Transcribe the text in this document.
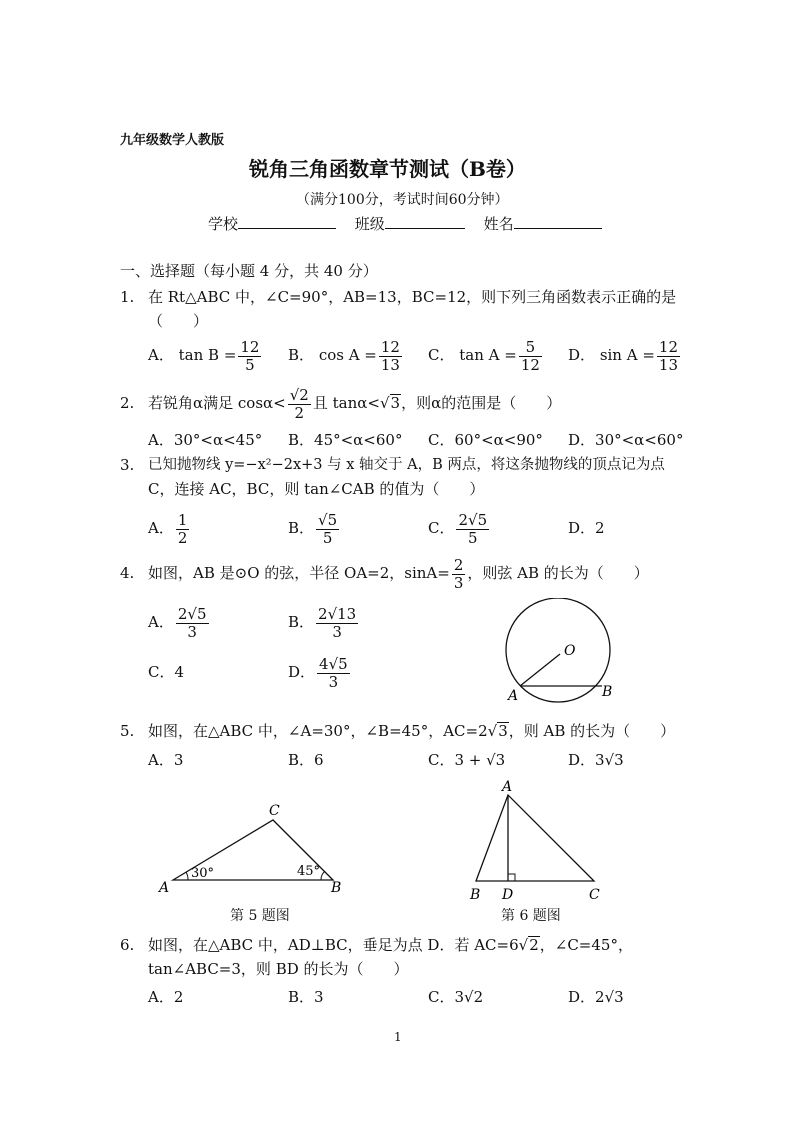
九年级数学人教版
锐角三角函数章节测试（B卷）
（满分100分，考试时间60分钟）
学校	班级	姓名
一、选择题（每小题 4 分，共 40 分）
1. 在 Rt△ABC 中，∠C=90°，AB=13，BC=12，则下列三角函数表示正确的是
（　　）
A． $\tan B = \frac{12}{5}$ B． $\cos A = \frac{12}{13}$ C． $\tan A = \frac{5}{12}$ D． $\sin A = \frac{12}{13}$
2. 若锐角α满足 $\cos\alpha< \frac{√2}{2}$ 且 tanα<√3，则α的范围是（　　）
A．30°<α<45° B．45°<α<60° C．60°<α<90° D．30°<α<60°
3. 已知抛物线 y=−x²−2x+3 与 x 轴交于 A，B 两点，将这条抛物线的顶点记为点
C，连接 AC，BC，则 tan∠CAB 的值为（　　）
A． $\frac{1}{2}$	B． $\frac{√5}{5}$	C． $\frac{2√5}{5}$	D．2
4. 如图，AB 是⊙O 的弦，半径 OA=2，$\sin A= \frac{2}{3}$ ，则弦 AB 的长为（　　）
A． $\frac{2√5}{3}$	B． $\frac{2√13}{3}$
C．4	D． $\frac{4√5}{3}$
O
A	B
5. 如图，在△ABC 中，∠A=30°，∠B=45°，AC=2√3，则 AB 的长为（　　）
A．3	B．6	C．3 + √3	D．3√3
C
A	B
30°	45°
第 5 题图
A
B D	C
第 6 题图
6. 如图，在△ABC 中，AD⊥BC，垂足为点 D．若 AC=6√2，∠C=45°，
tan∠ABC=3，则 BD 的长为（　　）
A．2	B．3	C．3√2	D．2√3
1
